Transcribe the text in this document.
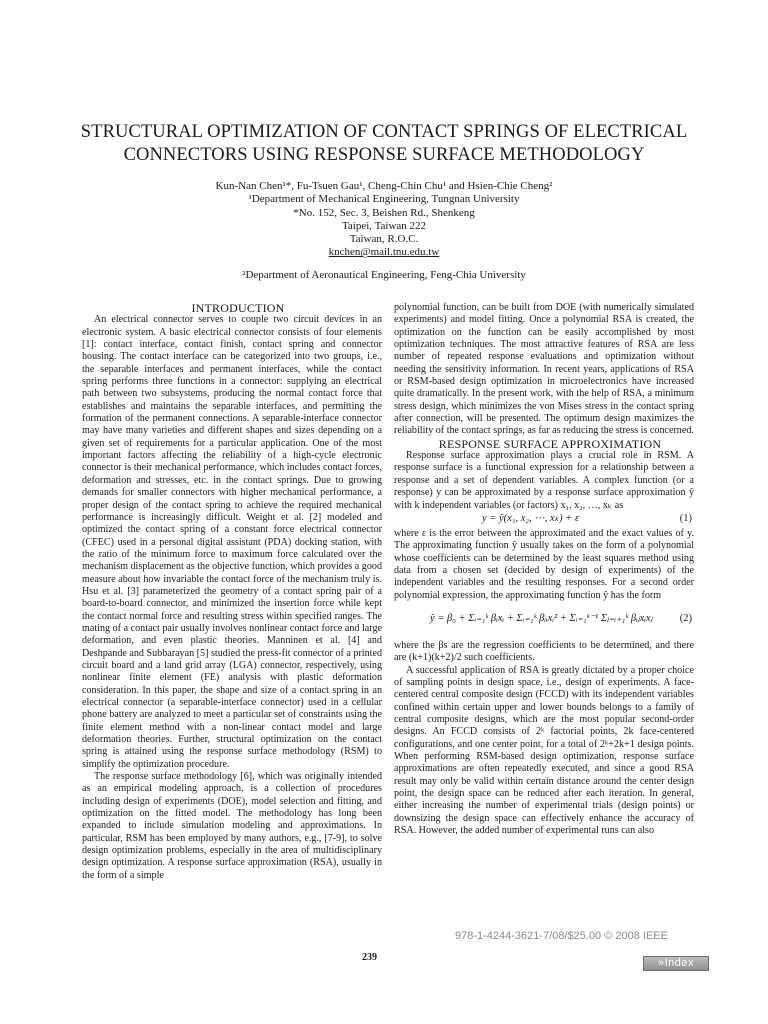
STRUCTURAL OPTIMIZATION OF CONTACT SPRINGS OF ELECTRICAL
CONNECTORS USING RESPONSE SURFACE METHODOLOGY
Kun-Nan Chen¹*, Fu-Tsuen Gau¹, Cheng-Chin Chu¹ and Hsien-Chie Cheng²
¹Department of Mechanical Engineering, Tungnan University
*No. 152, Sec. 3, Beishen Rd., Shenkeng
Taipei, Taiwan 222
Taiwan, R.O.C.
knchen@mail.tnu.edu.tw
²Department of Aeronautical Engineering, Feng-Chia University

INTRODUCTION

An electrical connector serves to couple two circuit devices in an electronic system. A basic electrical connector consists of four elements [1]: contact interface, contact finish, contact spring and connector housing. The contact interface can be categorized into two groups, i.e., the separable interfaces and permanent interfaces, while the contact spring performs three functions in a connector: supplying an electrical path between two subsystems, producing the normal contact force that establishes and maintains the separable interfaces, and permitting the formation of the permanent connections. A separable-interface connector may have many varieties and different shapes and sizes depending on a given set of requirements for a particular application. One of the most important factors affecting the reliability of a high-cycle electronic connector is their mechanical performance, which includes contact forces, deformation and stresses, etc. in the contact springs. Due to growing demands for smaller connectors with higher mechanical performance, a proper design of the contact spring to achieve the required mechanical performance is increasingly difficult. Weight et al. [2] modeled and optimized the contact spring of a constant force electrical connector (CFEC) used in a personal digital assistant (PDA) docking station, with the ratio of the minimum force to maximum force calculated over the mechanism displacement as the objective function, which provides a good measure about how invariable the contact force of the mechanism truly is. Hsu et al. [3] parameterized the geometry of a contact spring pair of a board-to-board connector, and minimized the insertion force while kept the contact normal force and resulting stress within specified ranges. The mating of a contact pair usually involves nonlinear contact force and large deformation, and even plastic theories. Manninen et al. [4] and Deshpande and Subbarayan [5] studied the press-fit connector of a printed circuit board and a land grid array (LGA) connector, respectively, using nonlinear finite element (FE) analysis with plastic deformation consideration. In this paper, the shape and size of a contact spring in an electrical connector (a separable-interface connector) used in a cellular phone battery are analyzed to meet a particular set of constraints using the finite element method with a non-linear contact model and large deformation theories. Further, structural optimization on the contact spring is attained using the response surface methodology (RSM) to simplify the optimization procedure.

The response surface methodology [6], which was originally intended as an empirical modeling approach, is a collection of procedures including design of experiments (DOE), model selection and fitting, and optimization on the fitted model. The methodology has long been expanded to include simulation modeling and approximations. In particular, RSM has been employed by many authors, e.g., [7-9], to solve design optimization problems, especially in the area of multidisciplinary design optimization. A response surface approximation (RSA), usually in the form of a simple

polynomial function, can be built from DOE (with numerically simulated experiments) and model fitting. Once a polynomial RSA is created, the optimization on the function can be easily accomplished by most optimization techniques. The most attractive features of RSA are less number of repeated response evaluations and optimization without needing the sensitivity information. In recent years, applications of RSA or RSM-based design optimization in microelectronics have increased quite dramatically. In the present work, with the help of RSA, a minimum stress design, which minimizes the von Mises stress in the contact spring after connection, will be presented. The optimum design maximizes the reliability of the contact springs, as far as reducing the stress is concerned.

RESPONSE SURFACE APPROXIMATION

Response surface approximation plays a crucial role in RSM. A response surface is a functional expression for a relationship between a response and a set of dependent variables. A complex function (or a response) y can be approximated by a response surface approximation ŷ with k independent variables (or factors) x₁, x₂, …, xₖ as

y = ŷ(x₁, x₂, ⋯, xₖ) + ε	(1)

where ε is the error between the approximated and the exact values of y. The approximating function ŷ usually takes on the form of a polynomial whose coefficients can be determined by the least squares method using data from a chosen set (decided by design of experiments) of the independent variables and the resulting responses. For a second order polynomial expression, the approximating function ŷ has the form

ŷ = β₀ + Σᵢ₌₁ᵏ βᵢxᵢ + Σᵢ₌₁ᵏ βᵢᵢxᵢ² + Σᵢ₌₁ᵏ⁻¹ Σⱼ₌ᵢ₊₁ᵏ βᵢⱼxᵢxⱼ	(2)

where the βs are the regression coefficients to be determined, and there are (k+1)(k+2)/2 such coefficients.

A successful application of RSA is greatly dictated by a proper choice of sampling points in design space, i.e., design of experiments. A face-centered central composite design (FCCD) with its independent variables confined within certain upper and lower bounds belongs to a family of central composite designs, which are the most popular second-order designs. An FCCD consists of 2ᵏ factorial points, 2k face-centered configurations, and one center point, for a total of 2ᵏ+2k+1 design points. When performing RSM-based design optimization, response surface approximations are often repeatedly executed, and since a good RSA result may only be valid within certain distance around the center design point, the design space can be reduced after each iteration. In general, either increasing the number of experimental trials (design points) or downsizing the design space can effectively enhance the accuracy of RSA. However, the added number of experimental runs can also

978-1-4244-3621-7/08/$25.00 © 2008 IEEE
239	»Index
